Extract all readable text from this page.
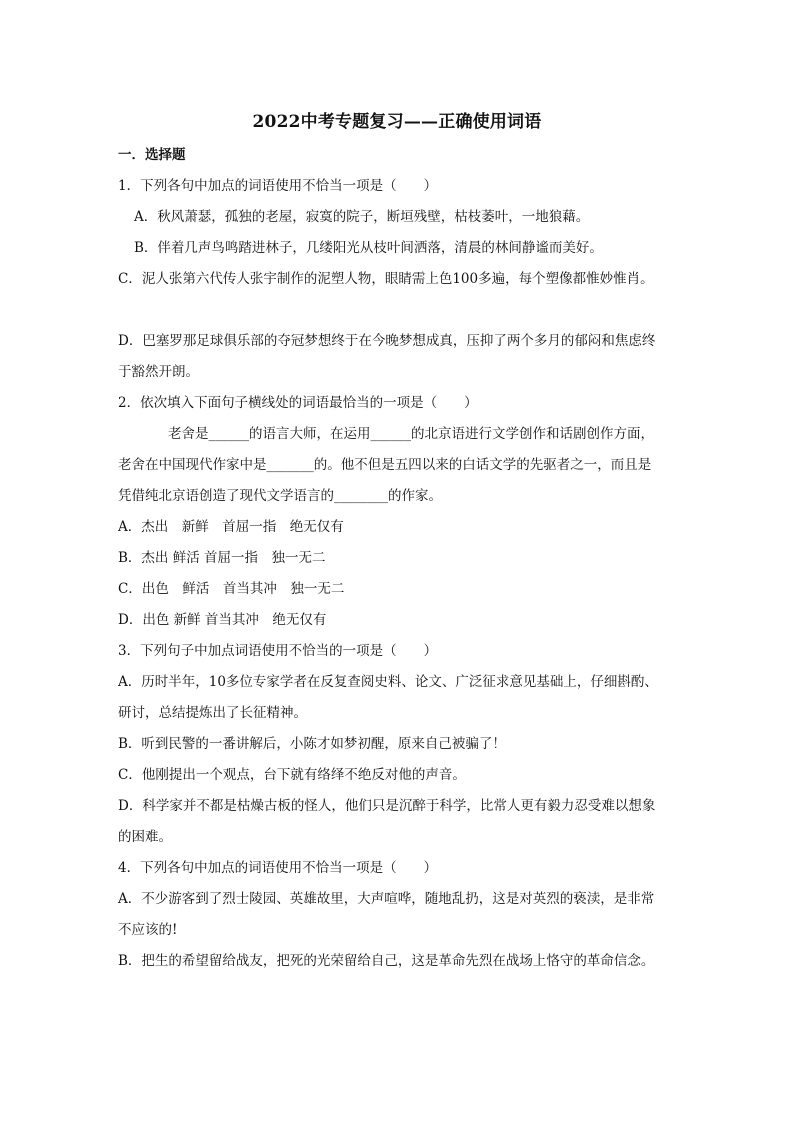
2022中考专题复习——正确使用词语
一．选择题
1．下列各句中加点的词语使用不恰当一项是（　　）
A．秋风萧瑟，孤独的老屋，寂寞的院子，断垣残壁，枯枝萎叶，一地狼藉。
B．伴着几声鸟鸣踏进林子，几缕阳光从枝叶间洒落，清晨的林间静谧而美好。
C．泥人张第六代传人张宇制作的泥塑人物，眼睛需上色100多遍，每个塑像都惟妙惟肖。
D．巴塞罗那足球俱乐部的夺冠梦想终于在今晚梦想成真，压抑了两个多月的郁闷和焦虑终
于豁然开朗。
2．依次填入下面句子横线处的词语最恰当的一项是（　　）
老舍是______的语言大师，在运用______的北京语进行文学创作和话剧创作方面，
老舍在中国现代作家中是_______的。他不但是五四以来的白话文学的先驱者之一，而且是
凭借纯北京语创造了现代文学语言的________的作家。
A．杰出　新鲜　首屈一指　绝无仅有
B．杰出 鲜活 首屈一指　独一无二
C．出色　鲜活　首当其冲　独一无二
D．出色 新鲜 首当其冲　绝无仅有
3．下列句子中加点词语使用不恰当的一项是（　　）
A．历时半年，10多位专家学者在反复查阅史料、论文、广泛征求意见基础上，仔细斟酌、
研讨，总结提炼出了长征精神。
B．听到民警的一番讲解后，小陈才如梦初醒，原来自己被骗了！
C．他刚提出一个观点，台下就有络绎不绝反对他的声音。
D．科学家并不都是枯燥古板的怪人，他们只是沉醉于科学，比常人更有毅力忍受难以想象
的困难。
4．下列各句中加点的词语使用不恰当一项是（　　）
A．不少游客到了烈士陵园、英雄故里，大声喧哗，随地乱扔，这是对英烈的亵渎，是非常
不应该的!
B．把生的希望留给战友，把死的光荣留给自己，这是革命先烈在战场上恪守的革命信念。
